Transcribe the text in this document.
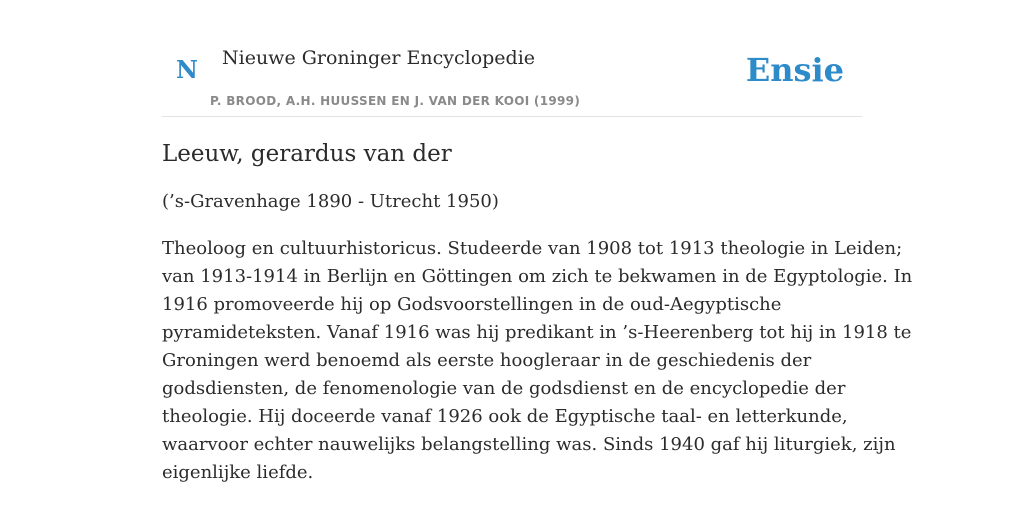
N Nieuwe Groninger Encyclopedie
P. BROOD, A.H. HUUSSEN EN J. VAN DER KOOI (1999)
Ensie
Leeuw, gerardus van der

(’s-Gravenhage 1890 - Utrecht 1950)

Theoloog en cultuurhistoricus. Studeerde van 1908 tot 1913 theologie in Leiden;
van 1913-1914 in Berlijn en Göttingen om zich te bekwamen in de Egyptologie. In
1916 promoveerde hij op Godsvoorstellingen in de oud-Aegyptische
pyramideteksten. Vanaf 1916 was hij predikant in ’s-Heerenberg tot hij in 1918 te
Groningen werd benoemd als eerste hoogleraar in de geschiedenis der
godsdiensten, de fenomenologie van de godsdienst en de encyclopedie der
theologie. Hij doceerde vanaf 1926 ook de Egyptische taal- en letterkunde,
waarvoor echter nauwelijks belangstelling was. Sinds 1940 gaf hij liturgiek, zijn
eigenlijke liefde.
